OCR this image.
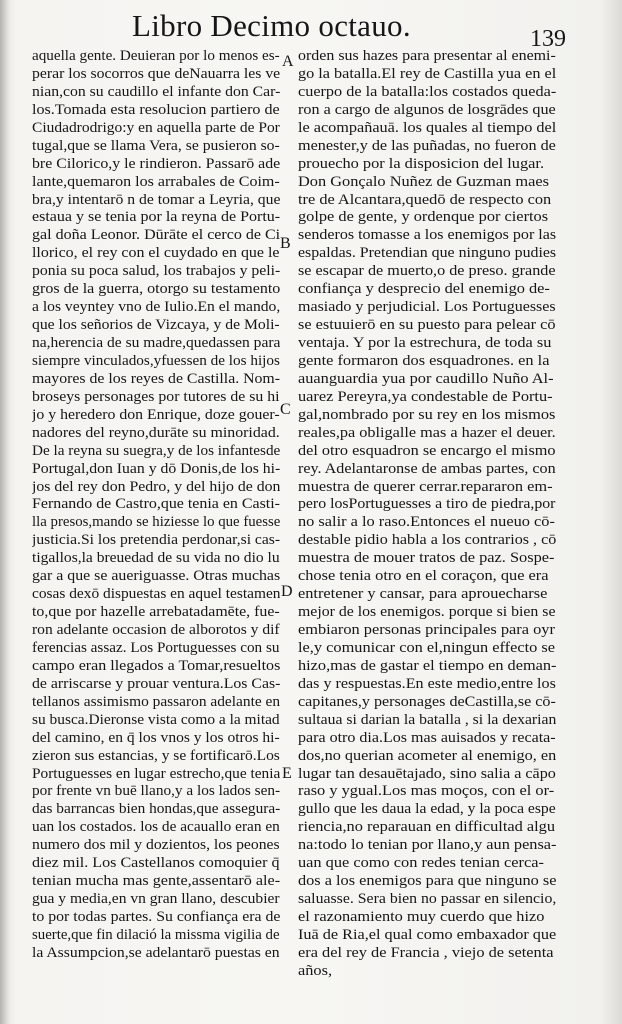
Libro Decimo octauo.	139
A
B
C
D
E
aquella gente. Deuieran por lo menos es-
perar los socorros que deNauarra les ve
nian,con su caudillo el infante don Car-
los.Tomada esta resolucion partiero de
Ciudadrodrigo:y en aquella parte de Por
tugal,que se llama Vera, se pusieron so-
bre Cilorico,y le rindieron. Passarō ade
lante,quemaron los arrabales de Coim-
bra,y intentarō n de tomar a Leyria, que
estaua y se tenia por la reyna de Portu-
gal doña Leonor. Dūrāte el cerco de Ci
llorico, el rey con el cuydado en que le
ponia su poca salud, los trabajos y peli-
gros de la guerra, otorgo su testamento
a los veyntey vno de Iulio.En el mando,
que los señorios de Vizcaya, y de Moli-
na,herencia de su madre,quedassen para
siempre vinculados,yfuessen de los hijos
mayores de los reyes de Castilla. Nom-
broseys personages por tutores de su hi
jo y heredero don Enrique, doze gouer-
nadores del reyno,durāte su minoridad.
De la reyna su suegra,y de los infantesde
Portugal,don Iuan y dō Donis,de los hi-
jos del rey don Pedro, y del hijo de don
Fernando de Castro,que tenia en Casti-
lla presos,mando se hiziesse lo que fuesse
justicia.Si los pretendia perdonar,si cas-
tigallos,la breuedad de su vida no dio lu
gar a que se aueriguasse. Otras muchas
cosas dexō dispuestas en aquel testamen
to,que por hazelle arrebatadamēte, fue-
ron adelante occasion de alborotos y dif
ferencias assaz. Los Portuguesses con su
campo eran llegados a Tomar,resueltos
de arriscarse y prouar ventura.Los Cas-
tellanos assimismo passaron adelante en
su busca.Dieronse vista como a la mitad
del camino, en q̄ los vnos y los otros hi-
zieron sus estancias, y se fortificarō.Los
Portuguesses en lugar estrecho,que tenia
por frente vn buē llano,y a los lados sen-
das barrancas bien hondas,que assegura-
uan los costados. los de acauallo eran en
numero dos mil y dozientos, los peones
diez mil. Los Castellanos comoquier q̄
tenian mucha mas gente,assentarō ale-
gua y media,en vn gran llano, descubier
to por todas partes. Su confiança era de
suerte,que fin dilació la missma vigilia de
la Assumpcion,se adelantarō puestas en
orden sus hazes para presentar al enemi-
go la batalla.El rey de Castilla yua en el
cuerpo de la batalla:los costados queda-
ron a cargo de algunos de losgrādes que
le acompañauā. los quales al tiempo del
menester,y de las puñadas, no fueron de
prouecho por la disposicion del lugar.
Don Gonçalo Nuñez de Guzman maes
tre de Alcantara,quedō de respecto con
golpe de gente, y ordenque por ciertos
senderos tomasse a los enemigos por las
espaldas. Pretendian que ninguno pudies
se escapar de muerto,o de preso. grande
confiança y desprecio del enemigo de-
masiado y perjudicial. Los Portuguesses
se estuuierō en su puesto para pelear cō
ventaja. Y por la estrechura, de toda su
gente formaron dos esquadrones. en la
auanguardia yua por caudillo Nuño Al-
uarez Pereyra,ya condestable de Portu-
gal,nombrado por su rey en los mismos
reales,pa obligalle mas a hazer el deuer.
del otro esquadron se encargo el mismo
rey. Adelantaronse de ambas partes, con
muestra de querer cerrar.repararon em-
pero losPortuguesses a tiro de piedra,por
no salir a lo raso.Entonces el nueuo cō-
destable pidio habla a los contrarios , cō
muestra de mouer tratos de paz. Sospe-
chose tenia otro en el coraçon, que era
entretener y cansar, para aprouecharse
mejor de los enemigos. porque si bien se
embiaron personas principales para oyr
le,y comunicar con el,ningun effecto se
hizo,mas de gastar el tiempo en deman-
das y respuestas.En este medio,entre los
capitanes,y personages deCastilla,se cō-
sultaua si darian la batalla , si la dexarian
para otro dia.Los mas auisados y recata-
dos,no querian acometer al enemigo, en
lugar tan desauētajado, sino salia a cāpo
raso y ygual.Los mas moços, con el or-
gullo que les daua la edad, y la poca espe
riencia,no reparauan en difficultad algu
na:todo lo tenian por llano,y aun pensa-
uan que como con redes tenian cerca-
dos a los enemigos para que ninguno se
saluasse. Sera bien no passar en silencio,
el razonamiento muy cuerdo que hizo
Iuā de Ria,el qual como embaxador que
era del rey de Francia , viejo de setenta
años,
